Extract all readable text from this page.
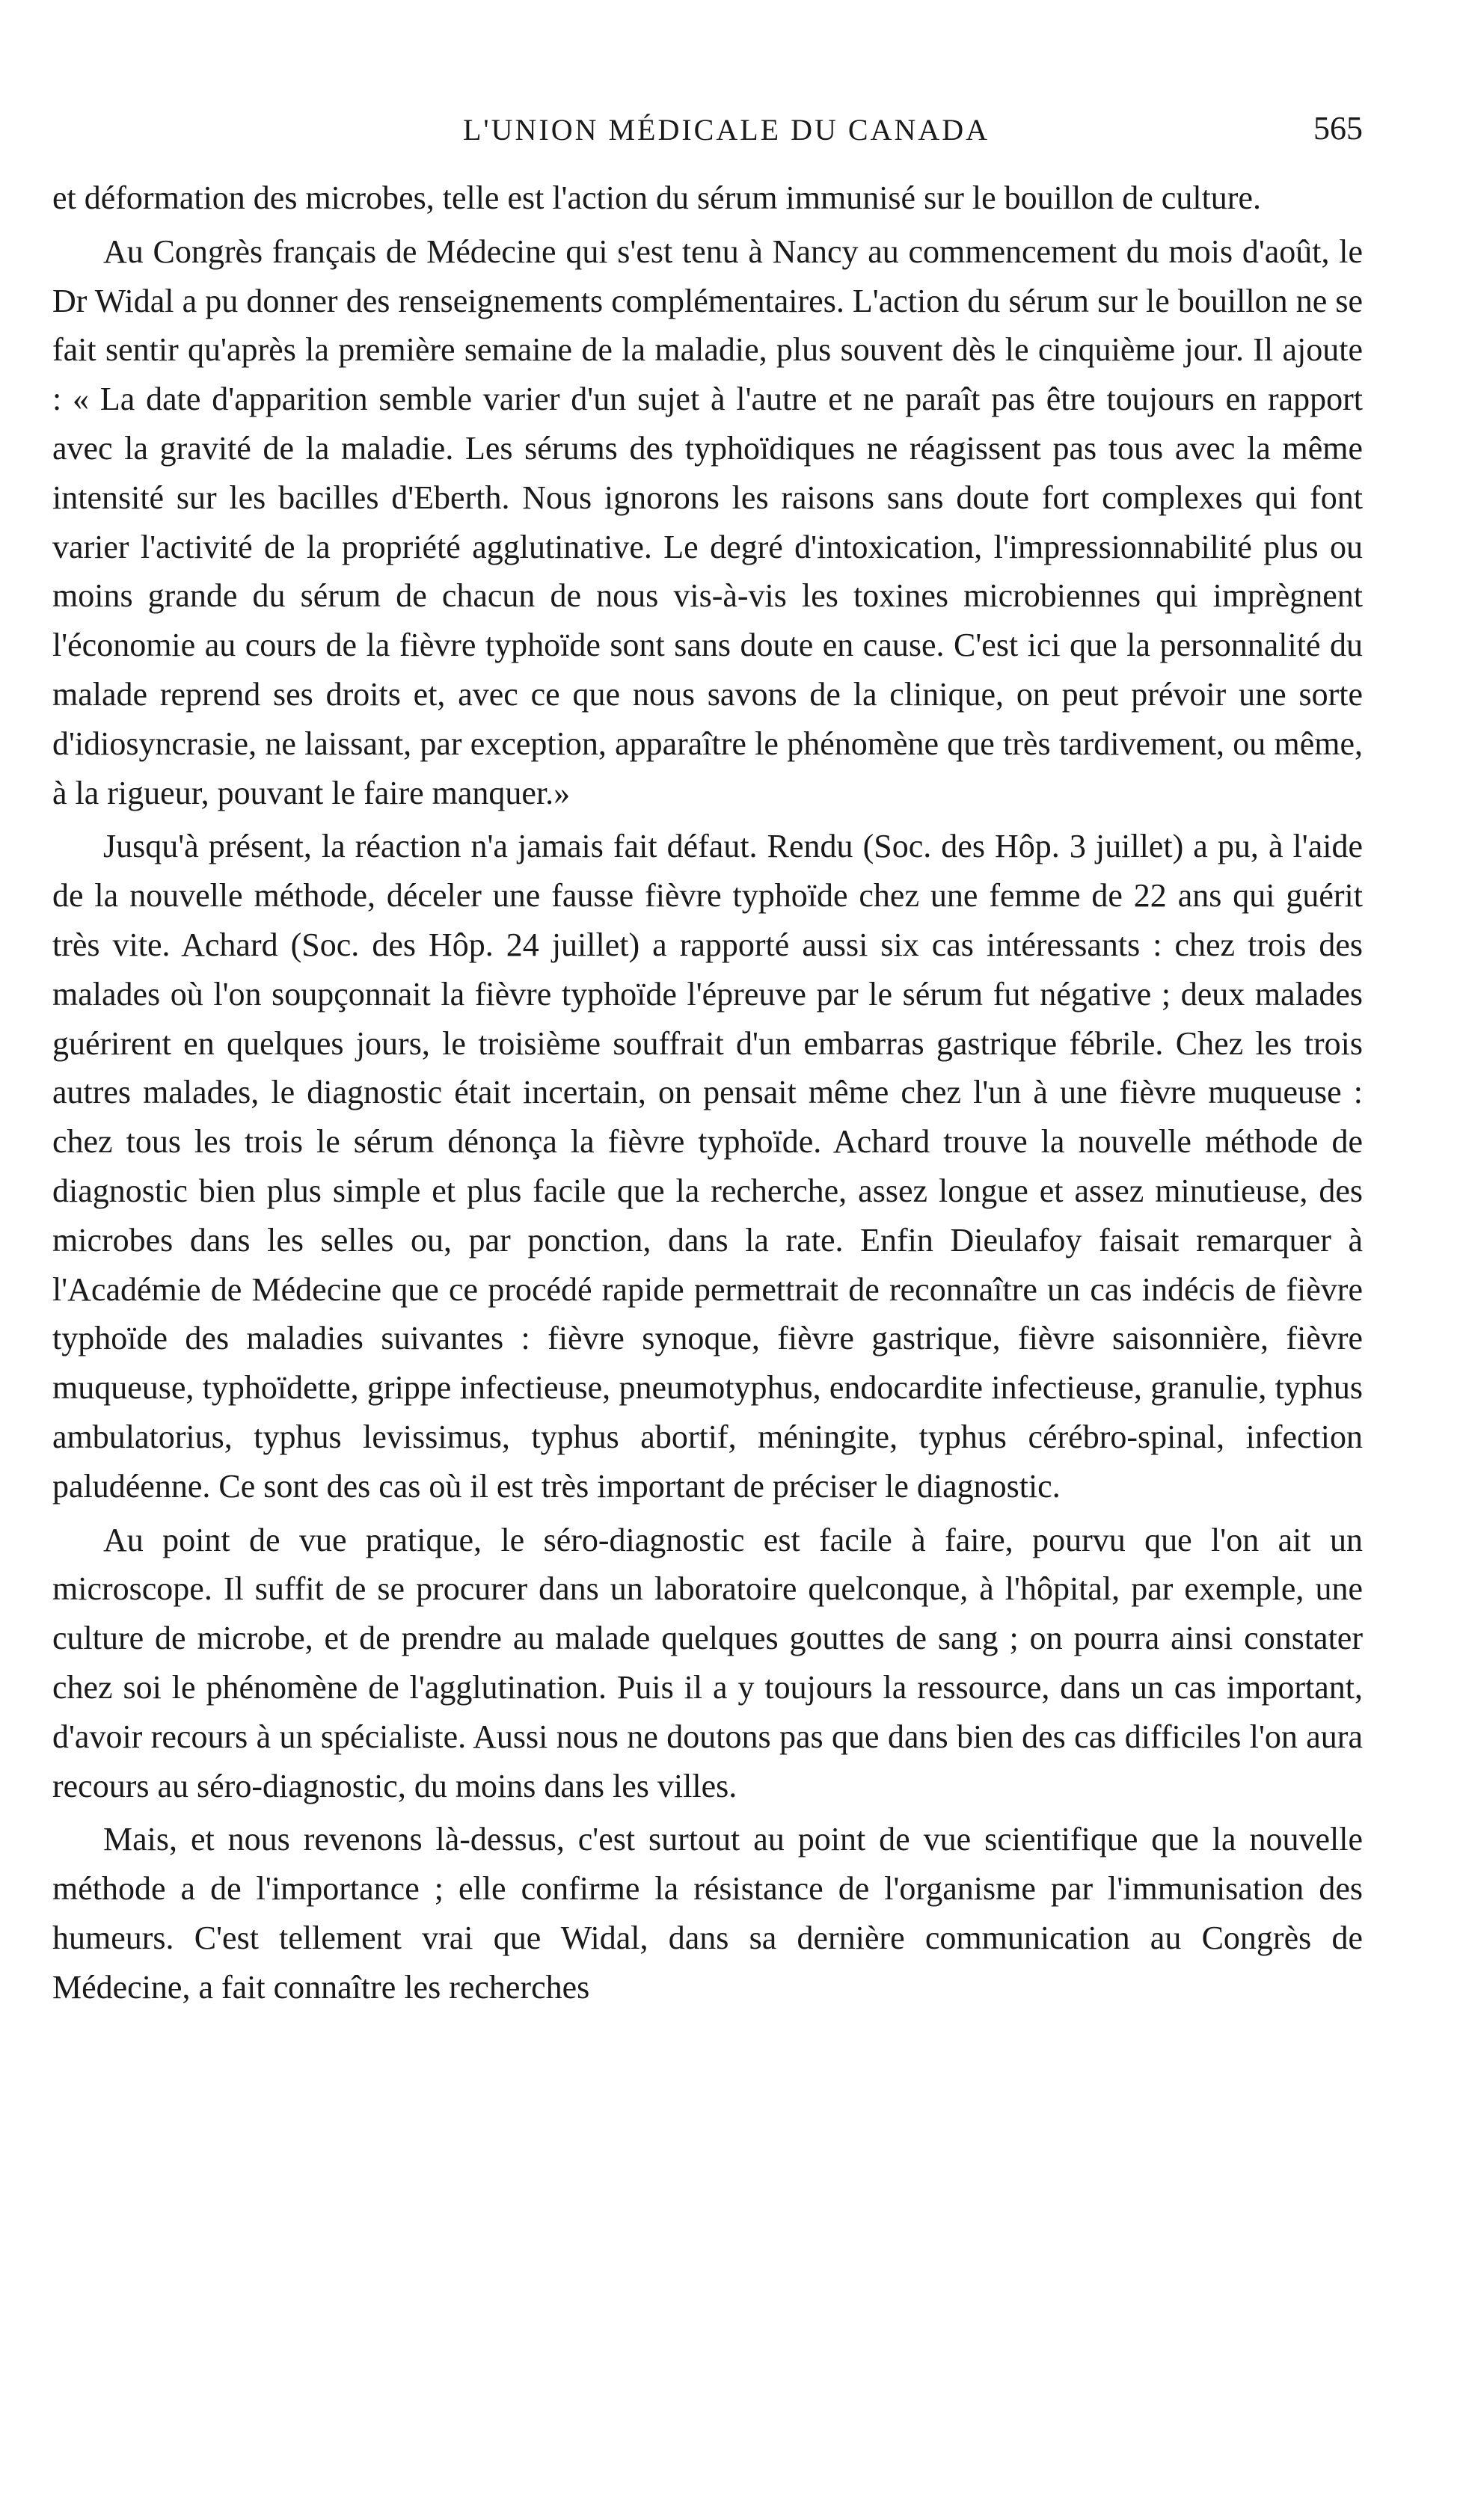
L'UNION MÉDICALE DU CANADA	565

et déformation des microbes, telle est l'action du sérum immunisé sur le bouillon de culture.

Au Congrès français de Médecine qui s'est tenu à Nancy au commencement du mois d'août, le Dr Widal a pu donner des renseignements complémentaires. L'action du sérum sur le bouillon ne se fait sentir qu'après la première semaine de la maladie, plus souvent dès le cinquième jour. Il ajoute : « La date d'apparition semble varier d'un sujet à l'autre et ne paraît pas être toujours en rapport avec la gravité de la maladie. Les sérums des typhoïdiques ne réagissent pas tous avec la même intensité sur les bacilles d'Eberth. Nous ignorons les raisons sans doute fort complexes qui font varier l'activité de la propriété agglutinative. Le degré d'intoxication, l'impressionnabilité plus ou moins grande du sérum de chacun de nous vis-à-vis les toxines microbiennes qui imprègnent l'économie au cours de la fièvre typhoïde sont sans doute en cause. C'est ici que la personnalité du malade reprend ses droits et, avec ce que nous savons de la clinique, on peut prévoir une sorte d'idiosyncrasie, ne laissant, par exception, apparaître le phénomène que très tardivement, ou même, à la rigueur, pouvant le faire manquer.»

Jusqu'à présent, la réaction n'a jamais fait défaut. Rendu (Soc. des Hôp. 3 juillet) a pu, à l'aide de la nouvelle méthode, déceler une fausse fièvre typhoïde chez une femme de 22 ans qui guérit très vite. Achard (Soc. des Hôp. 24 juillet) a rapporté aussi six cas intéressants : chez trois des malades où l'on soupçonnait la fièvre typhoïde l'épreuve par le sérum fut négative ; deux malades guérirent en quelques jours, le troisième souffrait d'un embarras gastrique fébrile. Chez les trois autres malades, le diagnostic était incertain, on pensait même chez l'un à une fièvre muqueuse : chez tous les trois le sérum dénonça la fièvre typhoïde. Achard trouve la nouvelle méthode de diagnostic bien plus simple et plus facile que la recherche, assez longue et assez minutieuse, des microbes dans les selles ou, par ponction, dans la rate. Enfin Dieulafoy faisait remarquer à l'Académie de Médecine que ce procédé rapide permettrait de reconnaître un cas indécis de fièvre typhoïde des maladies suivantes : fièvre synoque, fièvre gastrique, fièvre saisonnière, fièvre muqueuse, typhoïdette, grippe infectieuse, pneumotyphus, endocardite infectieuse, granulie, typhus ambulatorius, typhus levissimus, typhus abortif, méningite, typhus cérébro-spinal, infection paludéenne. Ce sont des cas où il est très important de préciser le diagnostic.

Au point de vue pratique, le séro-diagnostic est facile à faire, pourvu que l'on ait un microscope. Il suffit de se procurer dans un laboratoire quelconque, à l'hôpital, par exemple, une culture de microbe, et de prendre au malade quelques gouttes de sang ; on pourra ainsi constater chez soi le phénomène de l'agglutination. Puis il a y toujours la ressource, dans un cas important, d'avoir recours à un spécialiste. Aussi nous ne doutons pas que dans bien des cas difficiles l'on aura recours au séro-diagnostic, du moins dans les villes.

Mais, et nous revenons là-dessus, c'est surtout au point de vue scientifique que la nouvelle méthode a de l'importance ; elle confirme la résistance de l'organisme par l'immunisation des humeurs. C'est tellement vrai que Widal, dans sa dernière communication au Congrès de Médecine, a fait connaître les recherches
